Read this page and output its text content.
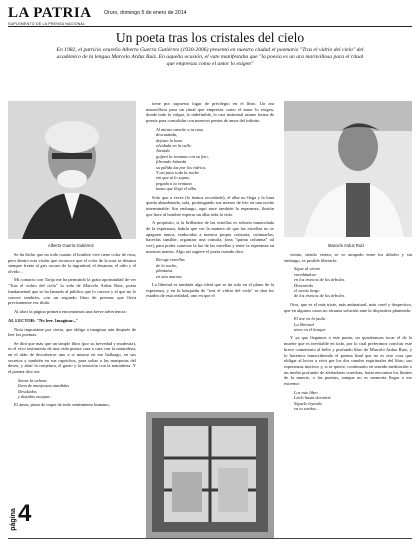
LA PATRIA
SUPLEMENTO DE LA PRENSA NACIONAL
Oruro, domingo 5 de enero de 2014
Un poeta tras los cristales del cielo
En 1982, el patricio orureño Alberto Guerra Gutiérrez (1930-2006) presentó en nuestro ciudad el poemario "Tras el vidrio del cielo" del académico de la lengua Marcelo Arduz Ruiz. En aquella ocasión, el vate manifestaba que "la poesía es un ara maravillosa para el ritual que empresas como el amor lo exigen"
Alberto Guerra Gutiérrez	Marcelo Arduz Ruiz

Se ha dicho que no todo cuanto el hombre vive tiene color de rosa, pero dentro esta visión que reconoce que el color de la rosa se destaca siempre frente al gris oscuro de la ingratitud, el desamor, el odio y el olvido...

Mi contacto con Tarija me ha permitido la grata oportunidad de ver "Tras el vidrio del cielo" la vida de Marcelo Arduz Ruiz, poeta fundamental que se ha lanzado al público que lo conoce y al que no lo conoce también, con un segundo libro de poemas que lleva precisamente ese título.

Al abrir la página primera encontramos una breve advertencia:

AL LECTOR: "No leer. Imaginar..."

Nota importante por cierto, que obliga a imaginar aún después de leer los poemas.

Se dirá que más que un simple libro (por su brevedad y modestia), es el vivo testimonio de una vida puesta cara a cara con la naturaleza, en el afán de descubrirse uno a sí mismo en ese hallazgo, en sus secretos y también en sus caprichos, para soltar a las mariposas del deseo, y abrir la conjetura, el gusto y la emoción con la naturaleza. Y el poema dice así:

Siente la cabeza
llena de mariposas aturdidas
Desolados
y dejadas escapar...

El amor, pieza de toque de todo sentimiento humano,

tiene por supuesto lugar de privilegio en el libro. Un ara maravillosa para un ritual que empresas como el amor lo exigen, donde todo lo vulgar, lo indefinible, lo casi instintual asume forma de poesía para consolidar con nuestros pentes de amor del infinito.

Al mirate anoche a tu casa
descuidada,
dejaste la luna
olvidada en la calle.
Atenida
golpeó la ventana con su feto,
filtrando húmeda
su pálida luz por los vidrios.
Y así paso toda la noche
sin que tú lo supas,
pegada a tu ventana
hasta que llegó el alba

Solo que a veces (lo hemos recordado), el alba no llega y la luna queda abandonada, sola, prolongando sus mieses de frío en una noche interminable. Sin embargo, aquí nace también la esperanza, ilusión que hace al hombre esperar un alba toda la vida.

A propósito, si la brillantez de las estrellas es señoría inmaculada de la esperanza, habría que ver la manera de que las estrellas no se apaguen nunca, traducidas a nuestra propia cotizaría, cotinuarlas, hacerlas sinsible, organizar una consola, (una "quinta columna" tal vez), para poder conectar la luz de las estrellas y tener la esperanza en nuestras manos. Algo así sugiere el poeta cuando dice:

Recoge estrellas
de la noche,
plántalas
en una maceta

La libertad es también algo ideal que se da solo en el plano de la esperanza, y en la búsqueda de "tras el vidrio del cielo" se dan los estados de esta realidad, uno en que el

viento, siendo viento, se ve atrapado entre los árboles y sin embargo, es posible liberarlo:

Sigue al viento
enredándose
en los troncos de los árboles.
Desenreda
el viento largo
de los troncos de los árboles.

Otro, que es el más triste, más antinatural, más cruel y despectivo, que en algunos casos no alcanza solución ante la disyuntiva planteada:

El ave en la jaula
La libertad
tiene en el bosque

Y ya que llegamos a este punto, no quisiéramos tocar el de la muerte que es inevitable en todo, por lo cual preferimos concluir este breve comentario al bello y profundo libro de Marcelo Arduz Ruiz, y lo hacemos transcribiendo el poema final que no es otro cosa que obligar al lector a vivir por los dos canales espirituales del libro, sus esperanzas motivos y, si se quiere, continuarlo en sentido meditación o un medio profundo de alertadoras cosechas, hasta encontrar los límites de la muerte, o las puertas, aunque no es memoria llegar a ese extremo:

Los este libro
Léelo hasta dormirte
Síguelo leyendo
en tu sueños...
4
página
